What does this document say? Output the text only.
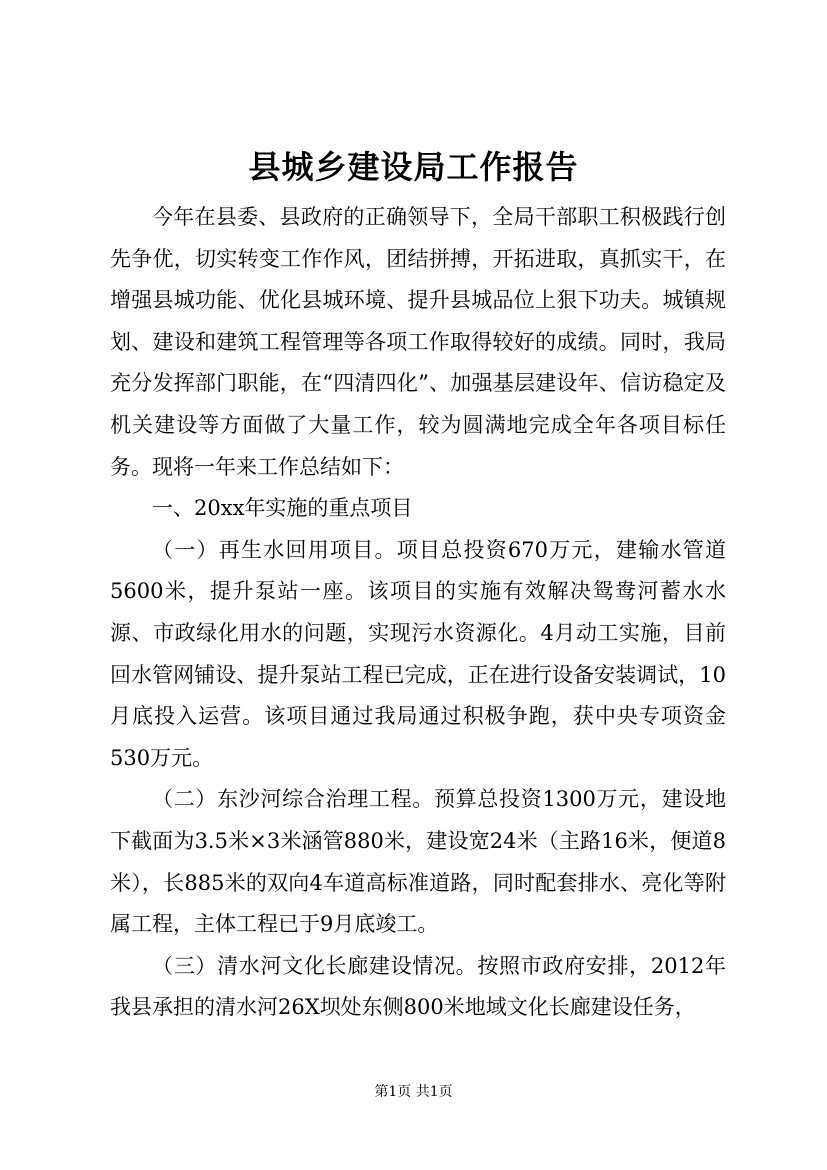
县城乡建设局工作报告

今年在县委、县政府的正确领导下，全局干部职工积极践行创先争优，切实转变工作作风，团结拼搏，开拓进取，真抓实干，在增强县城功能、优化县城环境、提升县城品位上狠下功夫。城镇规划、建设和建筑工程管理等各项工作取得较好的成绩。同时，我局充分发挥部门职能，在“四清四化”、加强基层建设年、信访稳定及机关建设等方面做了大量工作，较为圆满地完成全年各项目标任务。现将一年来工作总结如下：

一、20xx年实施的重点项目

（一）再生水回用项目。项目总投资670万元，建输水管道5600米，提升泵站一座。该项目的实施有效解决鸳鸯河蓄水水源、市政绿化用水的问题，实现污水资源化。4月动工实施，目前回水管网铺设、提升泵站工程已完成，正在进行设备安装调试，10月底投入运营。该项目通过我局通过积极争跑，获中央专项资金530万元。

（二）东沙河综合治理工程。预算总投资1300万元，建设地下截面为3.5米×3米涵管880米，建设宽24米（主路16米，便道8米），长885米的双向4车道高标准道路，同时配套排水、亮化等附属工程，主体工程已于9月底竣工。

（三）清水河文化长廊建设情况。按照市政府安排，2012年我县承担的清水河26X坝处东侧800米地域文化长廊建设任务，

第1页 共1页
